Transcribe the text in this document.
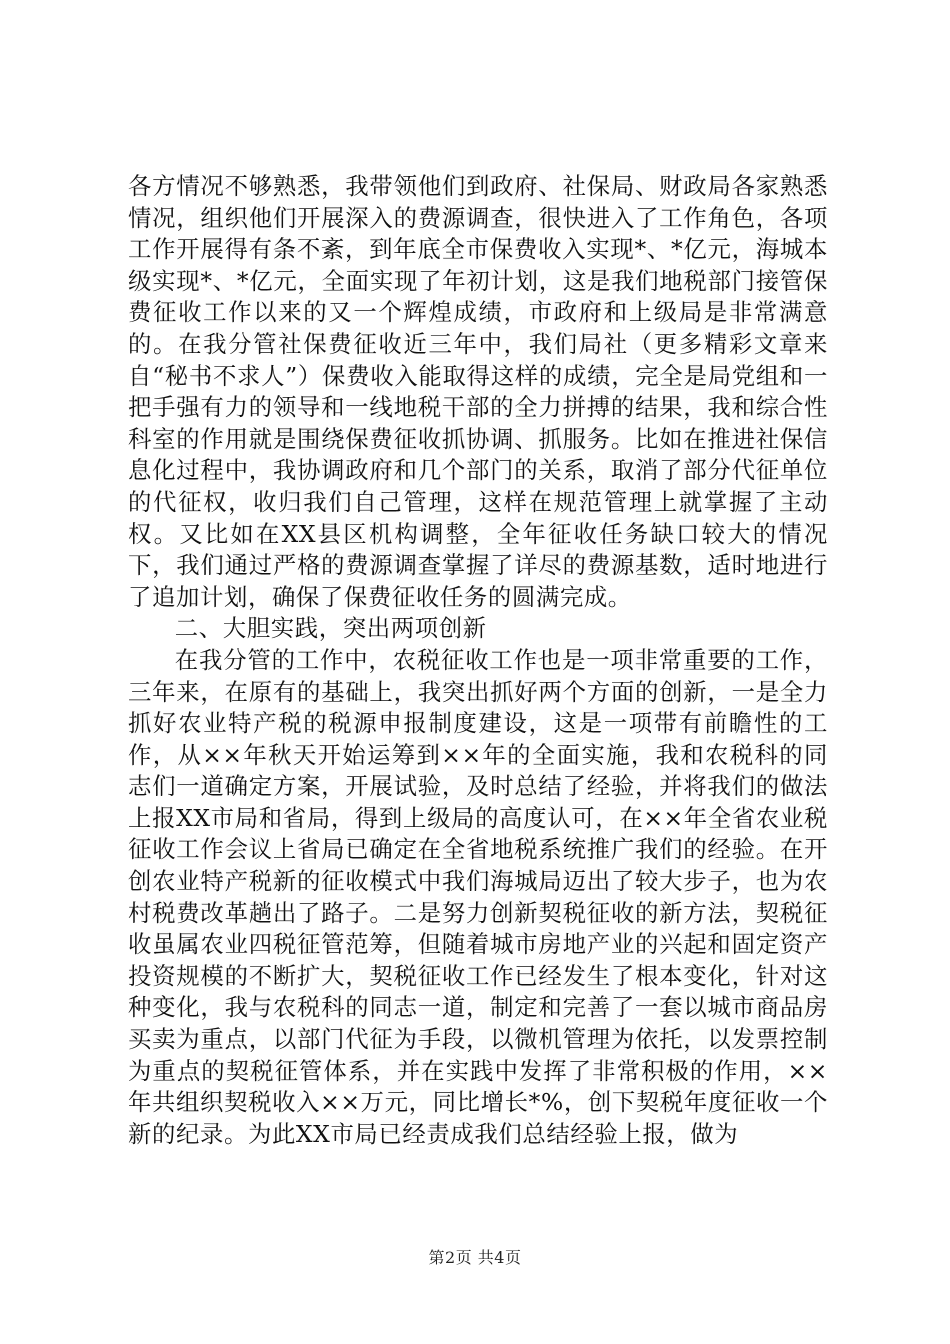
各方情况不够熟悉，我带领他们到政府、社保局、财政局各家熟悉情况，组织他们开展深入的费源调查，很快进入了工作角色，各项工作开展得有条不紊，到年底全市保费收入实现*、*亿元，海城本级实现*、*亿元，全面实现了年初计划，这是我们地税部门接管保费征收工作以来的又一个辉煌成绩，市政府和上级局是非常满意的。在我分管社保费征收近三年中，我们局社（更多精彩文章来自“秘书不求人”）保费收入能取得这样的成绩，完全是局党组和一把手强有力的领导和一线地税干部的全力拼搏的结果，我和综合性科室的作用就是围绕保费征收抓协调、抓服务。比如在推进社保信息化过程中，我协调政府和几个部门的关系，取消了部分代征单位的代征权，收归我们自己管理，这样在规范管理上就掌握了主动权。又比如在XX县区机构调整，全年征收任务缺口较大的情况下，我们通过严格的费源调查掌握了详尽的费源基数，适时地进行了追加计划，确保了保费征收任务的圆满完成。

二、大胆实践，突出两项创新

在我分管的工作中，农税征收工作也是一项非常重要的工作，三年来，在原有的基础上，我突出抓好两个方面的创新，一是全力抓好农业特产税的税源申报制度建设，这是一项带有前瞻性的工作，从××年秋天开始运筹到××年的全面实施，我和农税科的同志们一道确定方案，开展试验，及时总结了经验，并将我们的做法上报XX市局和省局，得到上级局的高度认可，在××年全省农业税征收工作会议上省局已确定在全省地税系统推广我们的经验。在开创农业特产税新的征收模式中我们海城局迈出了较大步子，也为农村税费改革趟出了路子。二是努力创新契税征收的新方法，契税征收虽属农业四税征管范筹，但随着城市房地产业的兴起和固定资产投资规模的不断扩大，契税征收工作已经发生了根本变化，针对这种变化，我与农税科的同志一道，制定和完善了一套以城市商品房买卖为重点，以部门代征为手段，以微机管理为依托，以发票控制为重点的契税征管体系，并在实践中发挥了非常积极的作用，××年共组织契税收入××万元，同比增长*%，创下契税年度征收一个新的纪录。为此XX市局已经责成我们总结经验上报，做为

第2页 共4页
